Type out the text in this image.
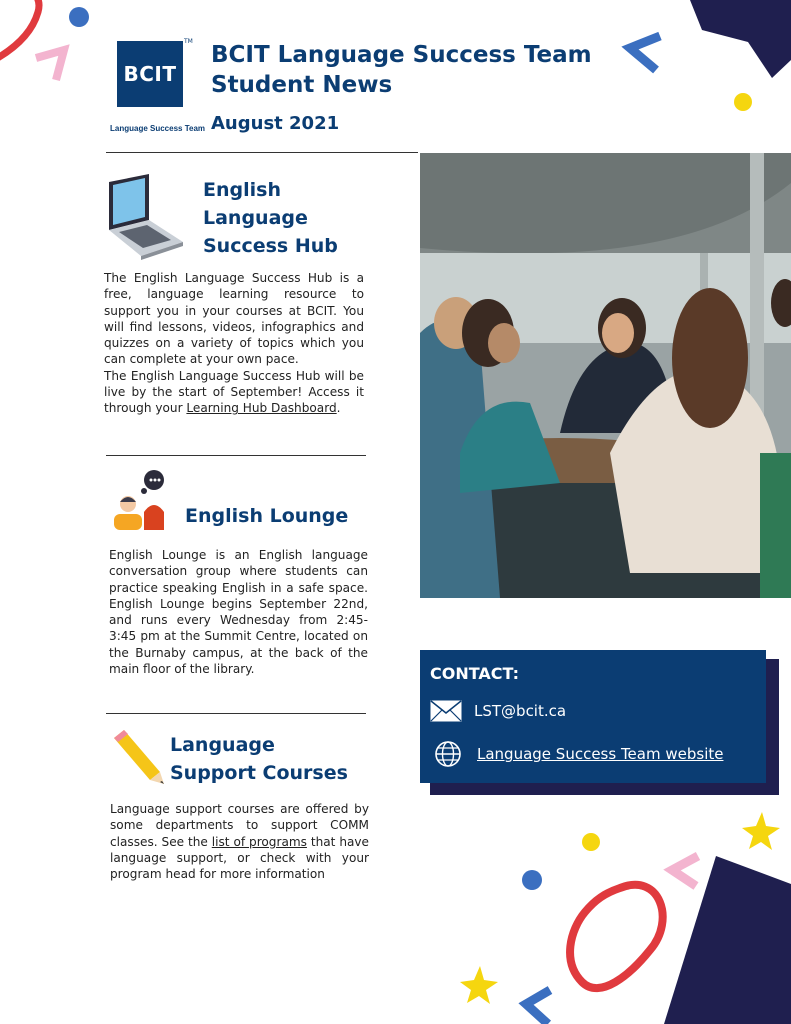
BCIT
TM
Language Success Team
BCIT Language Success Team
Student News
August 2021
English
Language
Success Hub

The English Language Success Hub is a free, language learning resource to support you in your courses at BCIT. You will find lessons, videos, infographics and quizzes on a variety of topics which you can complete at your own pace.

The English Language Success Hub will be live by the start of September! Access it through your Learning Hub Dashboard.

English Lounge
English Lounge is an English language conversation group where students can practice speaking English in a safe space. English Lounge begins September 22nd, and runs every Wednesday from 2:45-3:45 pm at the Summit Centre, located on the Burnaby campus, at the back of the main floor of the library.
Language
Support Courses
Language support courses are offered by some departments to support COMM classes. See the list of programs that have language support, or check with your program head for more information
CONTACT:
LST@bcit.ca
Language Success Team website
